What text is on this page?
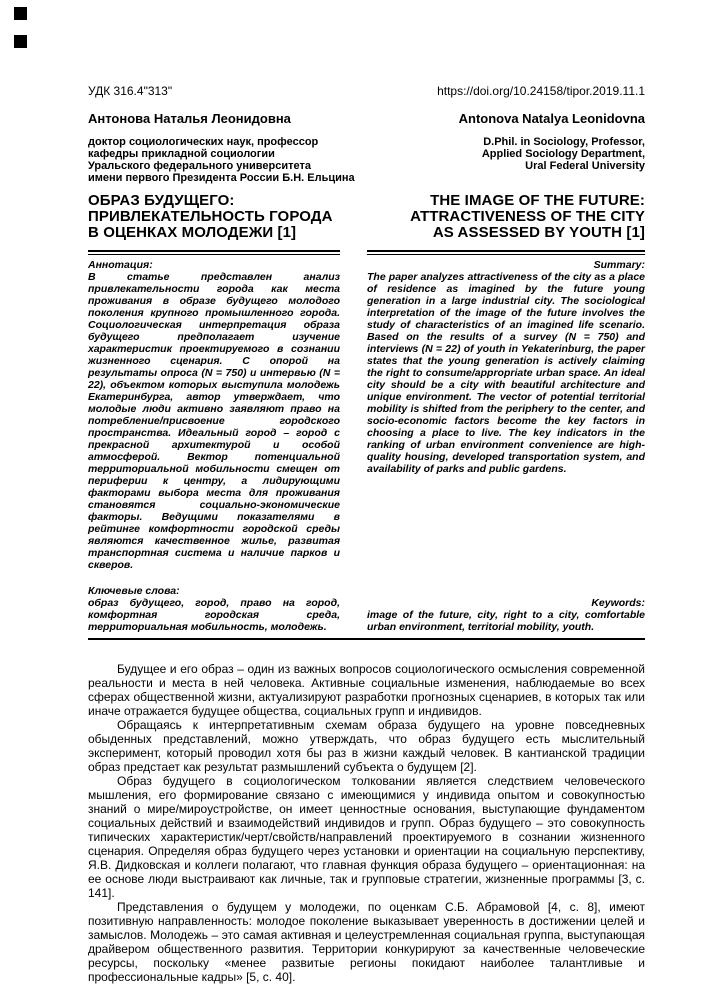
УДК 316.4"313"	https://doi.org/10.24158/tipor.2019.11.1
Антонова Наталья Леонидовна	Antonova Natalya Leonidovna
доктор социологических наук, профессор
кафедры прикладной социологии
Уральского федерального университета
имени первого Президента России Б.Н. Ельцина
D.Phil. in Sociology, Professor,
Applied Sociology Department,
Ural Federal University
ОБРАЗ БУДУЩЕГО:
ПРИВЛЕКАТЕЛЬНОСТЬ ГОРОДА
В ОЦЕНКАХ МОЛОДЕЖИ [1]
THE IMAGE OF THE FUTURE:
ATTRACTIVENESS OF THE CITY
AS ASSESSED BY YOUTH [1]
Аннотация:
В статье представлен анализ привлекательности города как места проживания в образе будущего молодого поколения крупного промышленного города. Социологическая интерпретация образа будущего предполагает изучение характеристик проектируемого в сознании жизненного сценария. С опорой на результаты опроса (N = 750) и интервью (N = 22), объектом которых выступила молодежь Екатеринбурга, автор утверждает, что молодые люди активно заявляют право на потребление/присвоение городского пространства. Идеальный город – город с прекрасной архитектурой и особой атмосферой. Вектор потенциальной территориальной мобильности смещен от периферии к центру, а лидирующими факторами выбора места для проживания становятся социально-экономические факторы. Ведущими показателями в рейтинге комфортности городской среды являются качественное жилье, развитая транспортная система и наличие парков и скверов.
Ключевые слова:
образ будущего, город, право на город, комфортная городская среда, территориальная мобильность, молодежь.
Summary:
The paper analyzes attractiveness of the city as a place of residence as imagined by the future young generation in a large industrial city. The sociological interpretation of the image of the future involves the study of characteristics of an imagined life scenario. Based on the results of a survey (N = 750) and interviews (N = 22) of youth in Yekaterinburg, the paper states that the young generation is actively claiming the right to consume/appropriate urban space. An ideal city should be a city with beautiful architecture and unique environment. The vector of potential territorial mobility is shifted from the periphery to the center, and socio-economic factors become the key factors in choosing a place to live. The key indicators in the ranking of urban environment convenience are high-quality housing, developed transportation system, and availability of parks and public gardens.
Keywords:
image of the future, city, right to a city, comfortable urban environment, territorial mobility, youth.

Будущее и его образ – один из важных вопросов социологического осмысления современной реальности и места в ней человека. Активные социальные изменения, наблюдаемые во всех сферах общественной жизни, актуализируют разработки прогнозных сценариев, в которых так или иначе отражается будущее общества, социальных групп и индивидов.

Обращаясь к интерпретативным схемам образа будущего на уровне повседневных обыденных представлений, можно утверждать, что образ будущего есть мыслительный эксперимент, который проводил хотя бы раз в жизни каждый человек. В кантианской традиции образ предстает как результат размышлений субъекта о будущем [2].

Образ будущего в социологическом толковании является следствием человеческого мышления, его формирование связано с имеющимися у индивида опытом и совокупностью знаний о мире/мироустройстве, он имеет ценностные основания, выступающие фундаментом социальных действий и взаимодействий индивидов и групп. Образ будущего – это совокупность типических характеристик/черт/свойств/направлений проектируемого в сознании жизненного сценария. Определяя образ будущего через установки и ориентации на социальную перспективу, Я.В. Дидковская и коллеги полагают, что главная функция образа будущего – ориентационная: на ее основе люди выстраивают как личные, так и групповые стратегии, жизненные программы [3, с. 141].

Представления о будущем у молодежи, по оценкам С.Б. Абрамовой [4, с. 8], имеют позитивную направленность: молодое поколение выказывает уверенность в достижении целей и замыслов. Молодежь – это самая активная и целеустремленная социальная группа, выступающая драйвером общественного развития. Территории конкурируют за качественные человеческие ресурсы, поскольку «менее развитые регионы покидают наиболее талантливые и профессиональные кадры» [5, с. 40].
